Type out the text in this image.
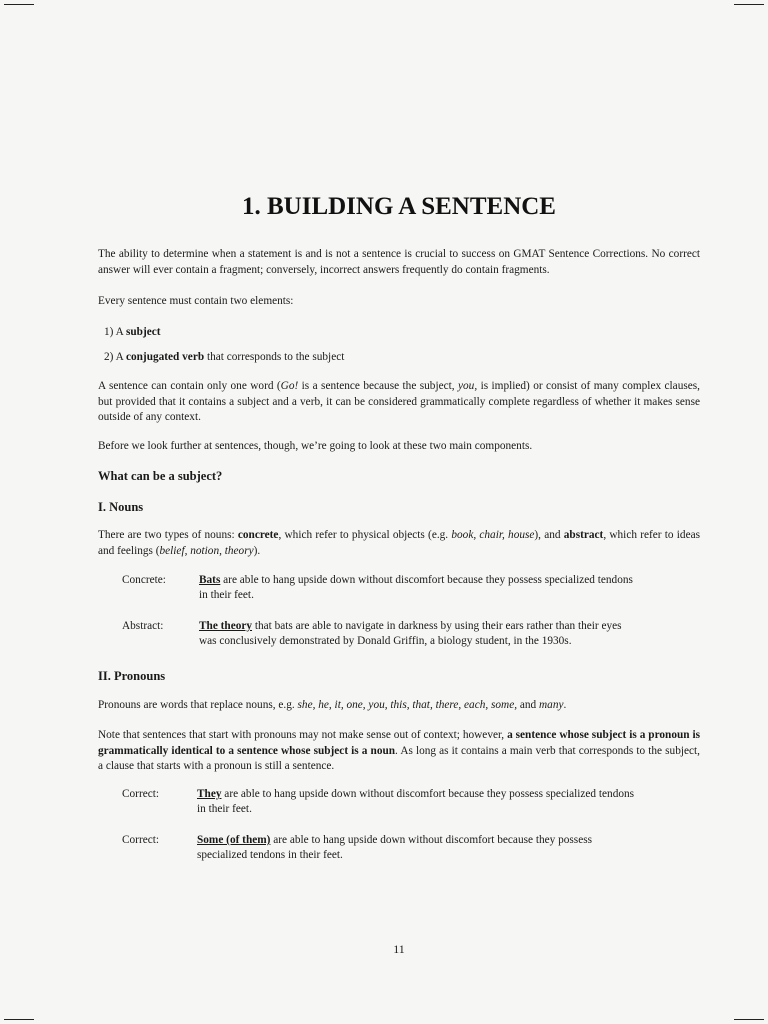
1. BUILDING A SENTENCE

The ability to determine when a statement is and is not a sentence is crucial to success on GMAT Sentence Corrections. No correct answer will ever contain a fragment; conversely, incorrect answers frequently do contain fragments.

Every sentence must contain two elements:

1) A subject

2) A conjugated verb that corresponds to the subject

A sentence can contain only one word (Go! is a sentence because the subject, you, is implied) or consist of many complex clauses, but provided that it contains a subject and a verb, it can be considered grammatically complete regardless of whether it makes sense outside of any context.

Before we look further at sentences, though, we’re going to look at these two main components.

What can be a subject?

I. Nouns

There are two types of nouns: concrete, which refer to physical objects (e.g. book, chair, house), and abstract, which refer to ideas and feelings (belief, notion, theory).

Concrete:	Bats are able to hang upside down without discomfort because they possess specialized tendons in their feet.

Abstract:	The theory that bats are able to navigate in darkness by using their ears rather than their eyes was conclusively demonstrated by Donald Griffin, a biology student, in the 1930s.

II. Pronouns

Pronouns are words that replace nouns, e.g. she, he, it, one, you, this, that, there, each, some, and many.

Note that sentences that start with pronouns may not make sense out of context; however, a sentence whose subject is a pronoun is grammatically identical to a sentence whose subject is a noun. As long as it contains a main verb that corresponds to the subject, a clause that starts with a pronoun is still a sentence.

Correct:	They are able to hang upside down without discomfort because they possess specialized tendons in their feet.

Correct:	Some (of them) are able to hang upside down without discomfort because they possess specialized tendons in their feet.

11
